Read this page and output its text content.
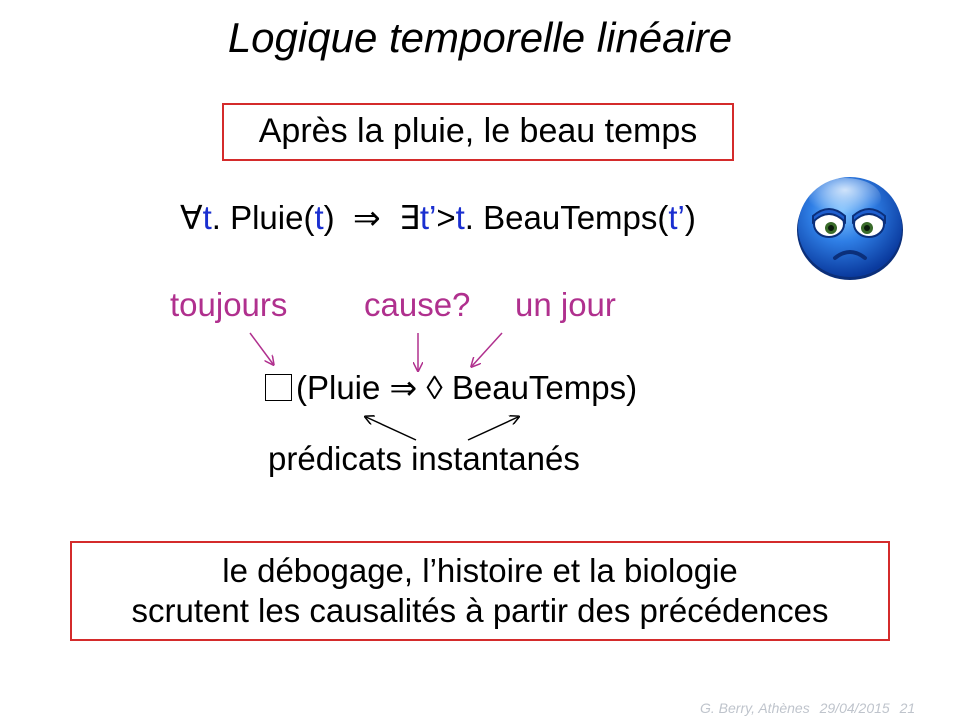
Logique temporelle linéaire
Après la pluie, le beau temps
∀t. Pluie(t) ⇒ ∃t’>t. BeauTemps(t’)
toujours cause? un jour
(Pluie ⇒ ◊ BeauTemps)
prédicats instantanés
le débogage, l’histoire et la biologie
scrutent les causalités à partir des précédences
G. Berry, Athènes 29/04/2015 21
